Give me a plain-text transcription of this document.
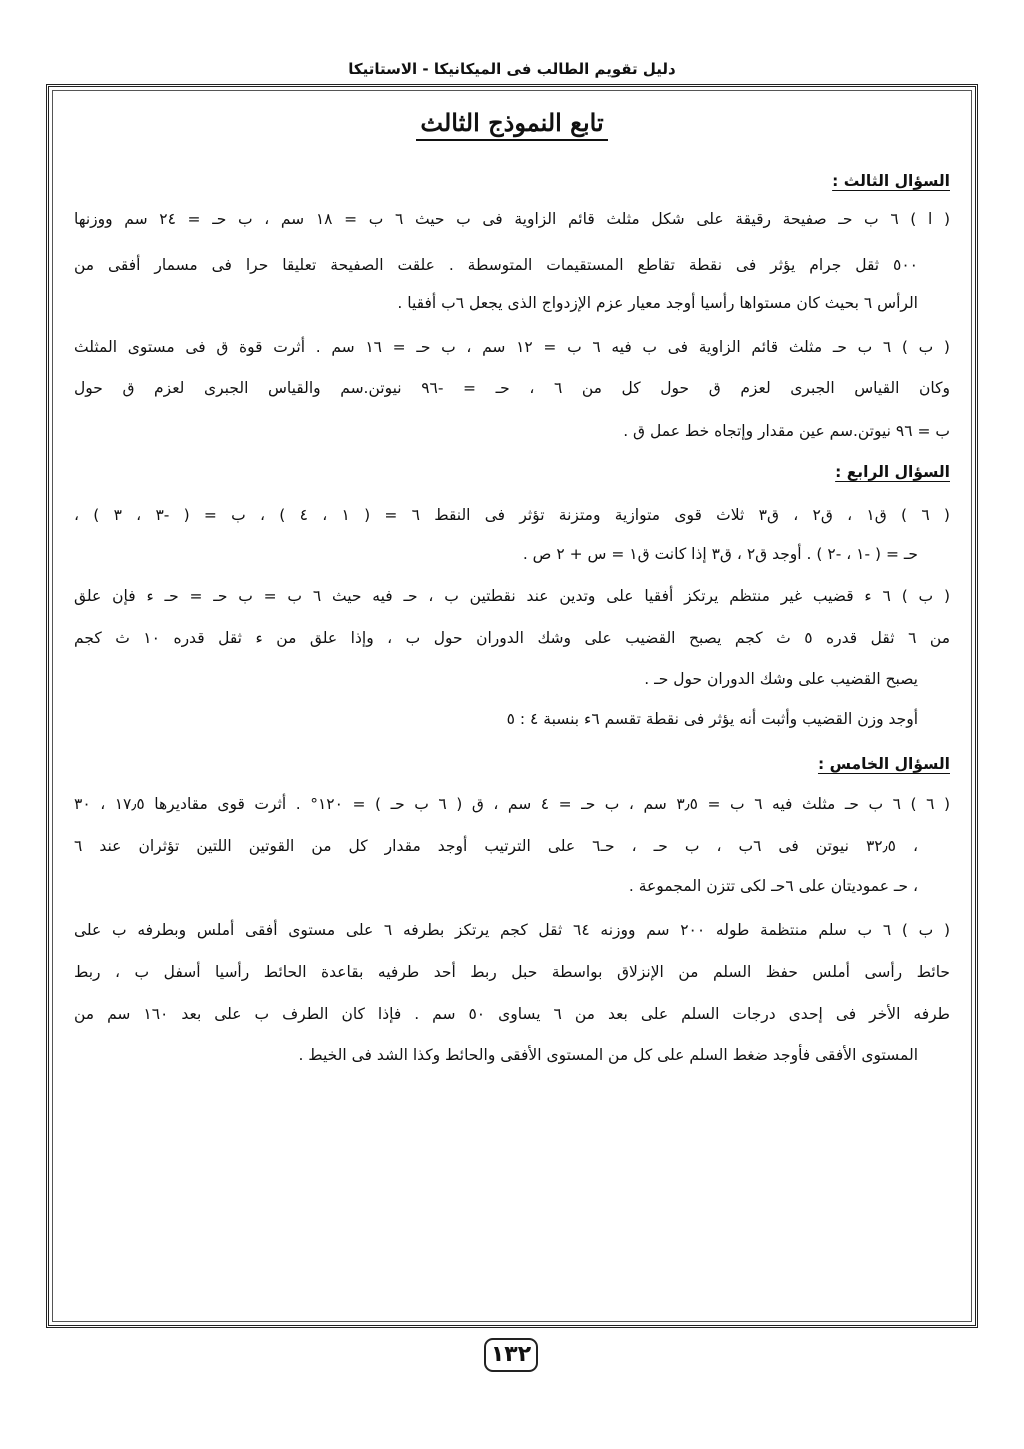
دليل تقويم الطالب فى الميكانيكا - الاستاتيكا
تابع النموذج الثالث
السؤال الثالث :
( ا ) ٦ ب حـ صفيحة رقيقة على شكل مثلث قائم الزاوية فى ب حيث ٦ ب = ١٨ سم ، ب حـ = ٢٤ سم ووزنها
٥٠٠ ثقل جرام يؤثر فى نقطة تقاطع المستقيمات المتوسطة . علقت الصفيحة تعليقا حرا فى مسمار أفقى من
الرأس ٦ بحيث كان مستواها رأسيا أوجد معيار عزم الإزدواج الذى يجعل ٦ب أفقيا .
( ب ) ٦ ب حـ مثلث قائم الزاوية فى ب فيه ٦ ب = ١٢ سم ، ب حـ = ١٦ سم . أثرت قوة ق فى مستوى المثلث
وكان القياس الجبرى لعزم ق حول كل من ٦ ، حـ = -٩٦ نيوتن.سم والقياس الجبرى لعزم ق حول
ب = ٩٦ نيوتن.سم عين مقدار وإتجاه خط عمل ق .
السؤال الرابع :
( ٦ ) ق١ ، ق٢ ، ق٣ ثلاث قوى متوازية ومتزنة تؤثر فى النقط ٦ = ( ١ ، ٤ ) ، ب = ( -٣ ، ٣ ) ،
حـ = ( -١ ، -٢ ) . أوجد ق٢ ، ق٣ إذا كانت ق١ = س + ٢ ص .
( ب ) ٦ ء قضيب غير منتظم يرتكز أفقيا على وتدين عند نقطتين ب ، حـ فيه حيث ٦ ب = ب حـ = حـ ء فإن علق
من ٦ ثقل قدره ٥ ث كجم يصبح القضيب على وشك الدوران حول ب ، وإذا علق من ء ثقل قدره ١٠ ث كجم
يصبح القضيب على وشك الدوران حول حـ .
أوجد وزن القضيب وأثبت أنه يؤثر فى نقطة تقسم ٦ء بنسبة ٤ : ٥
السؤال الخامس :
( ٦ ) ٦ ب حـ مثلث فيه ٦ ب = ٣٫٥ سم ، ب حـ = ٤ سم ، ق ( ٦ ب حـ ) = ١٢٠° . أثرت قوى مقاديرها ١٧٫٥ ، ٣٠
، ٣٢٫٥ نيوتن فى ٦ب ، ب حـ ، حـ٦ على الترتيب أوجد مقدار كل من القوتين اللتين تؤثران عند ٦
، حـ عموديتان على ٦حـ لكى تتزن المجموعة .
( ب ) ٦ ب سلم منتظمة طوله ٢٠٠ سم ووزنه ٦٤ ثقل كجم يرتكز بطرفه ٦ على مستوى أفقى أملس وبطرفه ب على
حائط رأسى أملس حفظ السلم من الإنزلاق بواسطة حبل ربط أحد طرفيه بقاعدة الحائط رأسيا أسفل ب ، ربط
طرفه الأخر فى إحدى درجات السلم على بعد من ٦ يساوى ٥٠ سم . فإذا كان الطرف ب على بعد ١٦٠ سم من
المستوى الأفقى فأوجد ضغط السلم على كل من المستوى الأفقى والحائط وكذا الشد فى الخيط .
١٣٢
